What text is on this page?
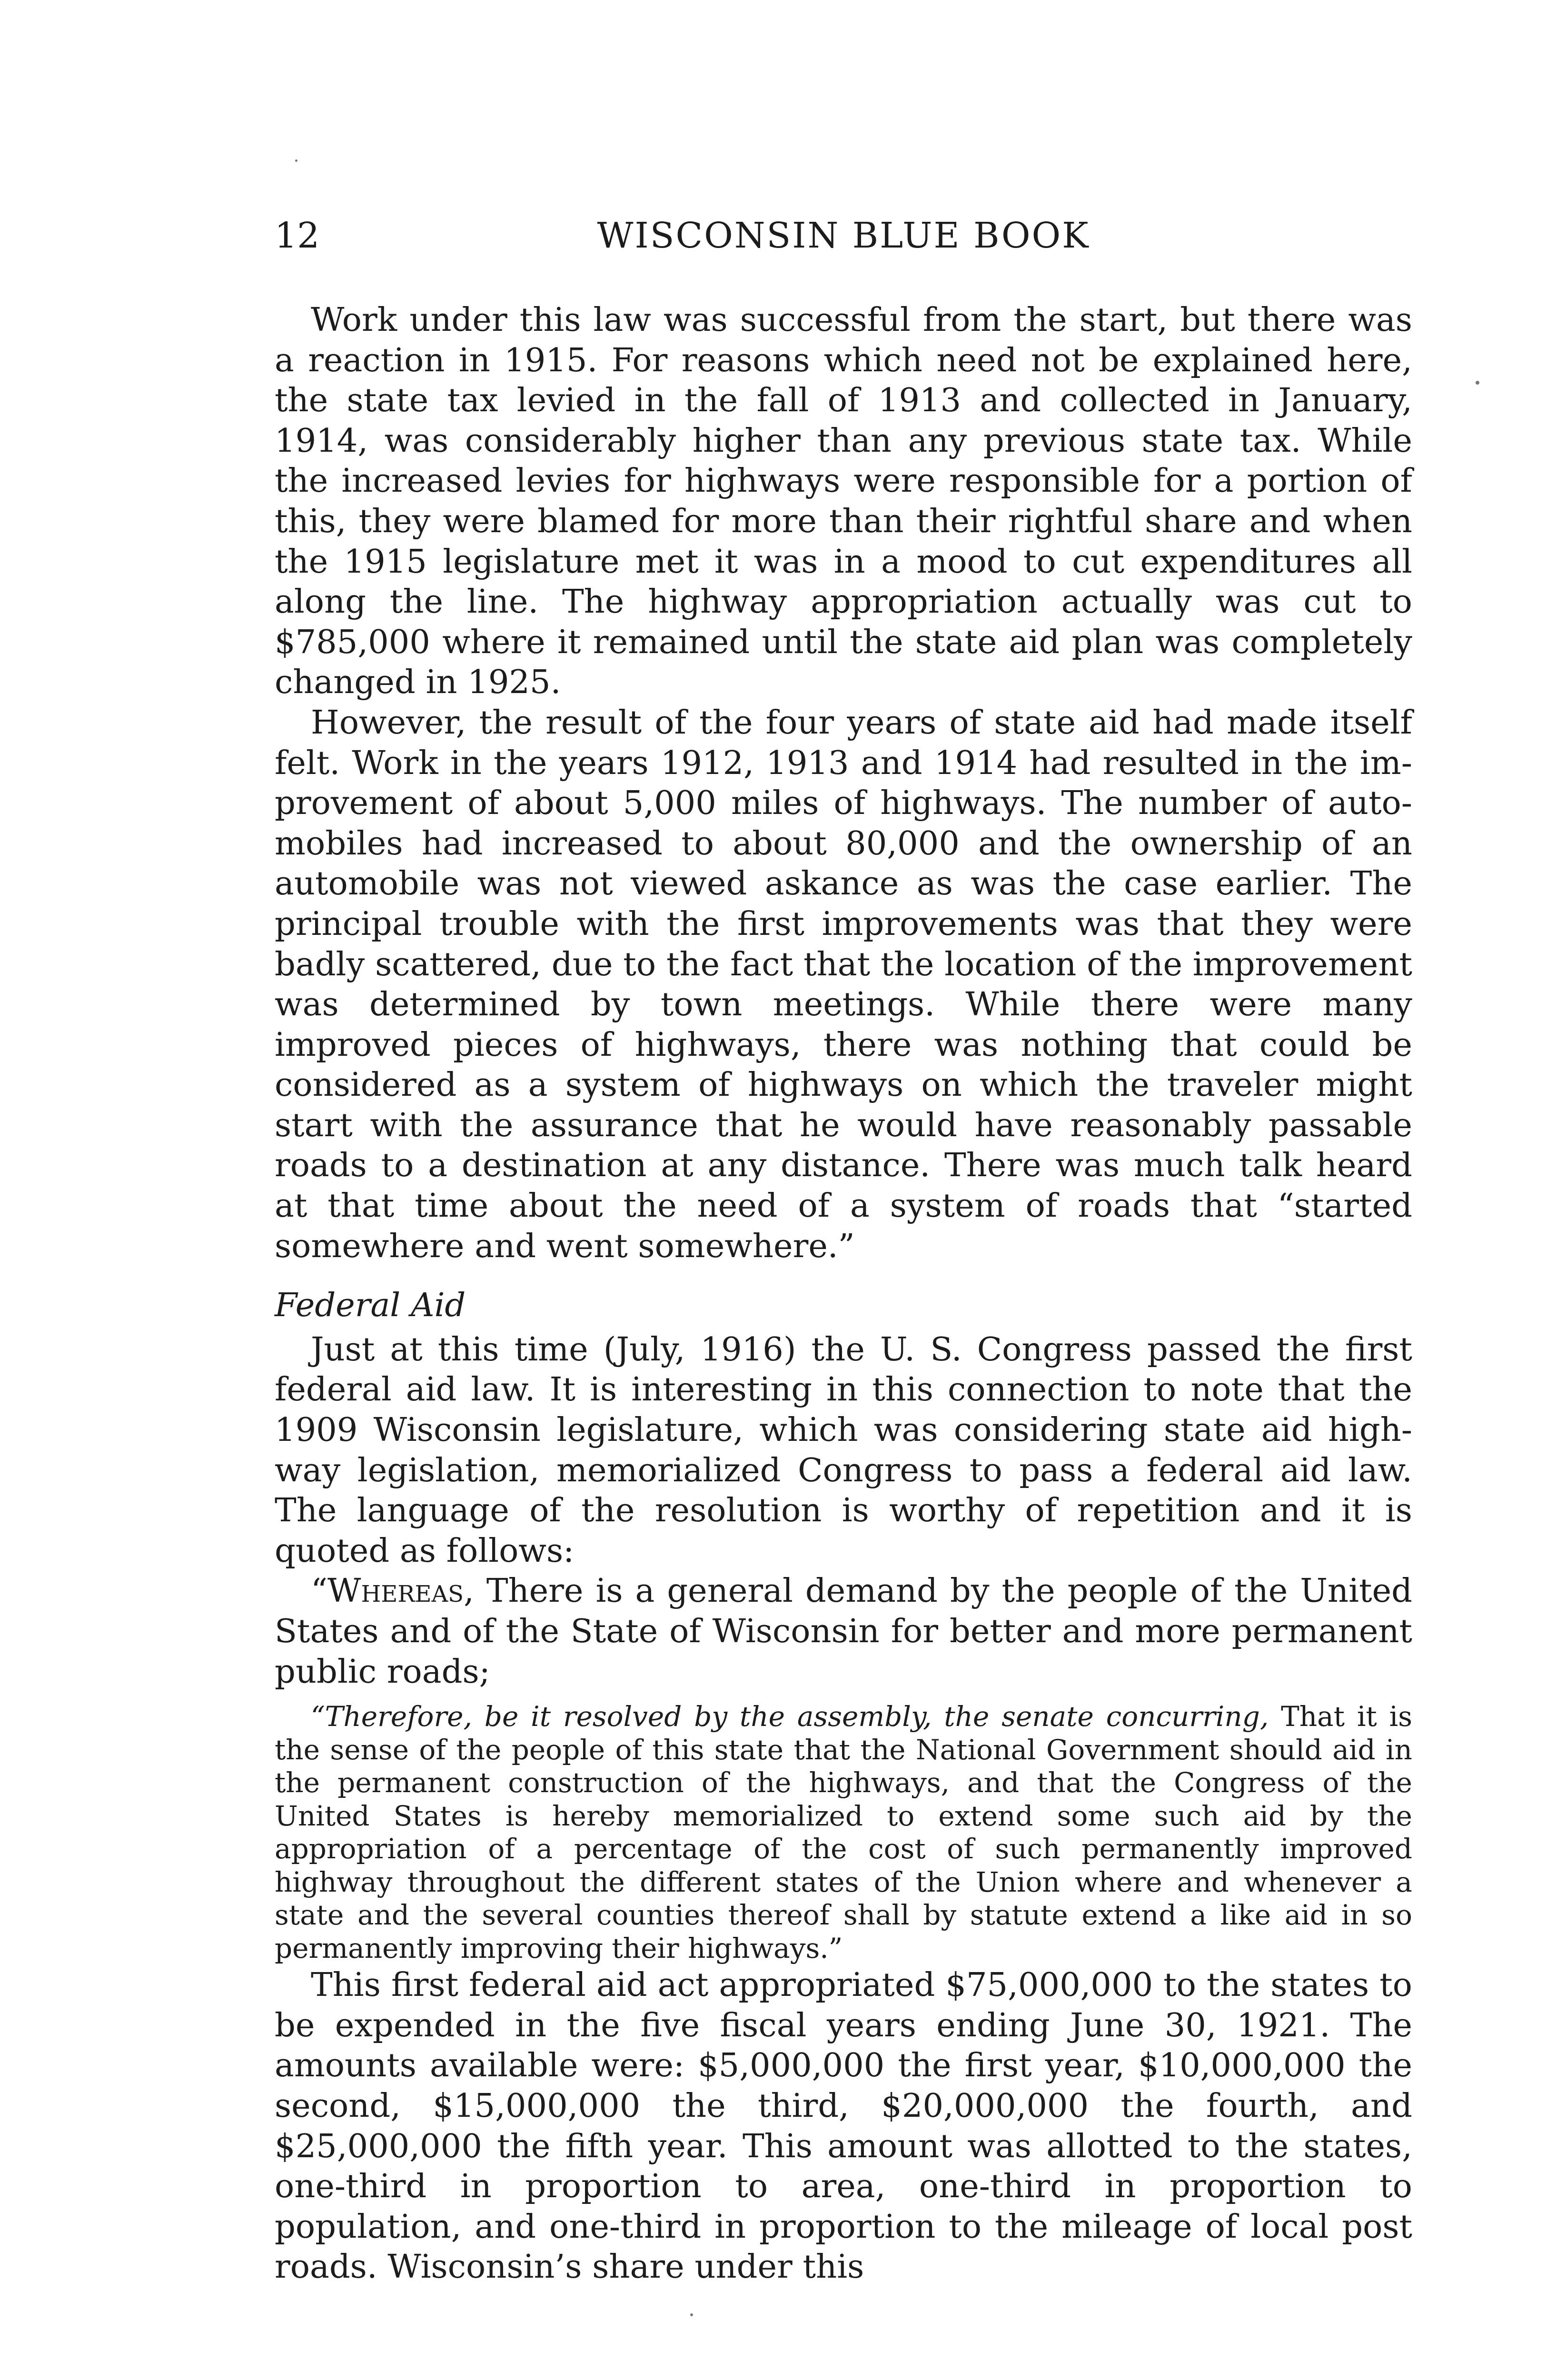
12	WISCONSIN BLUE BOOK

Work under this law was successful from the start, but there was a reaction in 1915. For reasons which need not be explained here, the state tax levied in the fall of 1913 and collected in January, 1914, was considerably higher than any previous state tax. While the increased levies for highways were responsible for a portion of this, they were blamed for more than their rightful share and when the 1915 legislature met it was in a mood to cut expenditures all along the line. The highway appropriation actually was cut to $785,000 where it remained until the state aid plan was completely changed in 1925.

However, the result of the four years of state aid had made itself felt. Work in the years 1912, 1913 and 1914 had resulted in the improvement of about 5,000 miles of highways. The number of automobiles had increased to about 80,000 and the ownership of an automobile was not viewed askance as was the case earlier. The principal trouble with the first improvements was that they were badly scattered, due to the fact that the location of the improvement was determined by town meetings. While there were many improved pieces of highways, there was nothing that could be considered as a system of highways on which the traveler might start with the assurance that he would have reasonably passable roads to a destination at any distance. There was much talk heard at that time about the need of a system of roads that “started somewhere and went somewhere.”

Federal Aid

Just at this time (July, 1916) the U. S. Congress passed the first federal aid law. It is interesting in this connection to note that the 1909 Wisconsin legislature, which was considering state aid highway legislation, memorialized Congress to pass a federal aid law. The language of the resolution is worthy of repetition and it is quoted as follows:

“Whereas, There is a general demand by the people of the United States and of the State of Wisconsin for better and more permanent public roads;

“Therefore, be it resolved by the assembly, the senate concurring, That it is the sense of the people of this state that the National Government should aid in the permanent construction of the highways, and that the Congress of the United States is hereby memorialized to extend some such aid by the appropriation of a percentage of the cost of such permanently improved highway throughout the different states of the Union where and whenever a state and the several counties thereof shall by statute extend a like aid in so permanently improving their highways.”

This first federal aid act appropriated $75,000,000 to the states to be expended in the five fiscal years ending June 30, 1921. The amounts available were: $5,000,000 the first year, $10,000,000 the second, $15,000,000 the third, $20,000,000 the fourth, and $25,000,000 the fifth year. This amount was allotted to the states, one-third in proportion to area, one-third in proportion to population, and one-third in proportion to the mileage of local post roads. Wisconsin’s share under this
